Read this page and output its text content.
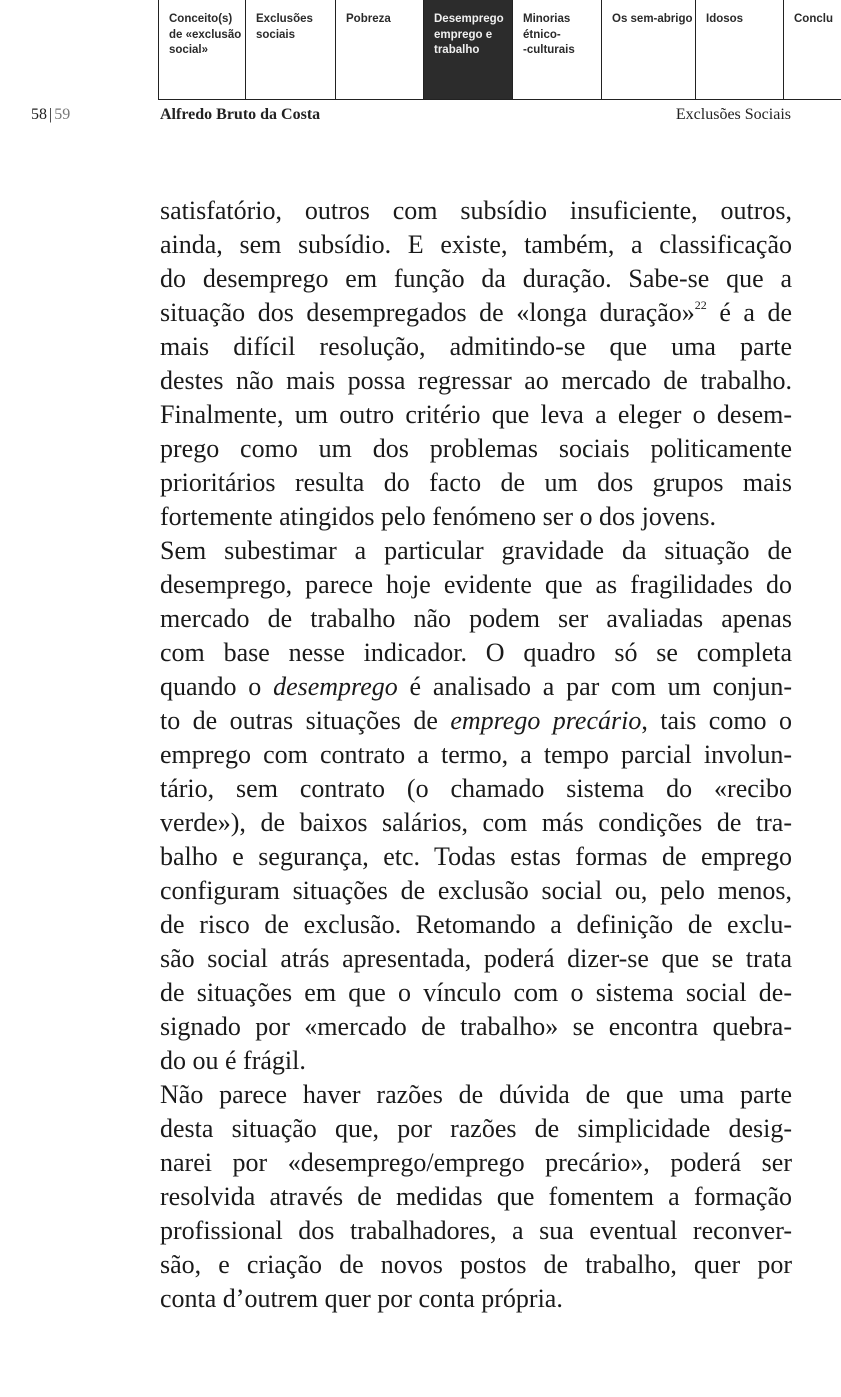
Conceito(s)
de «exclusão
social»
Exclusões
sociais
Pobreza	Desemprego
emprego e
trabalho
Minorias
étnico-
-culturais
Os sem-abrigo Idosos	Conclu
58 | 59	Alfredo Bruto da Costa	Exclusões Sociais
satisfatório, outros com subsídio insuficiente, outros,
ainda, sem subsídio. E existe, também, a classificação
do desemprego em função da duração. Sabe-se que a
situação dos desempregados de «longa duração»$^{22}$ é a de
mais difícil resolução, admitindo-se que uma parte
destes não mais possa regressar ao mercado de trabalho.
Finalmente, um outro critério que leva a eleger o desem-
prego como um dos problemas sociais politicamente
prioritários resulta do facto de um dos grupos mais
fortemente atingidos pelo fenómeno ser o dos jovens.
Sem subestimar a particular gravidade da situação de
desemprego, parece hoje evidente que as fragilidades do
mercado de trabalho não podem ser avaliadas apenas
com base nesse indicador. O quadro só se completa
quando o desemprego é analisado a par com um conjun-
to de outras situações de emprego precário, tais como o
emprego com contrato a termo, a tempo parcial involun-
tário, sem contrato (o chamado sistema do «recibo
verde»), de baixos salários, com más condições de tra-
balho e segurança, etc. Todas estas formas de emprego
configuram situações de exclusão social ou, pelo menos,
de risco de exclusão. Retomando a definição de exclu-
são social atrás apresentada, poderá dizer-se que se trata
de situações em que o vínculo com o sistema social de-
signado por «mercado de trabalho» se encontra quebra-
do ou é frágil.
Não parece haver razões de dúvida de que uma parte
desta situação que, por razões de simplicidade desig-
narei por «desemprego/emprego precário», poderá ser
resolvida através de medidas que fomentem a formação
profissional dos trabalhadores, a sua eventual reconver-
são, e criação de novos postos de trabalho, quer por
conta d’outrem quer por conta própria.
